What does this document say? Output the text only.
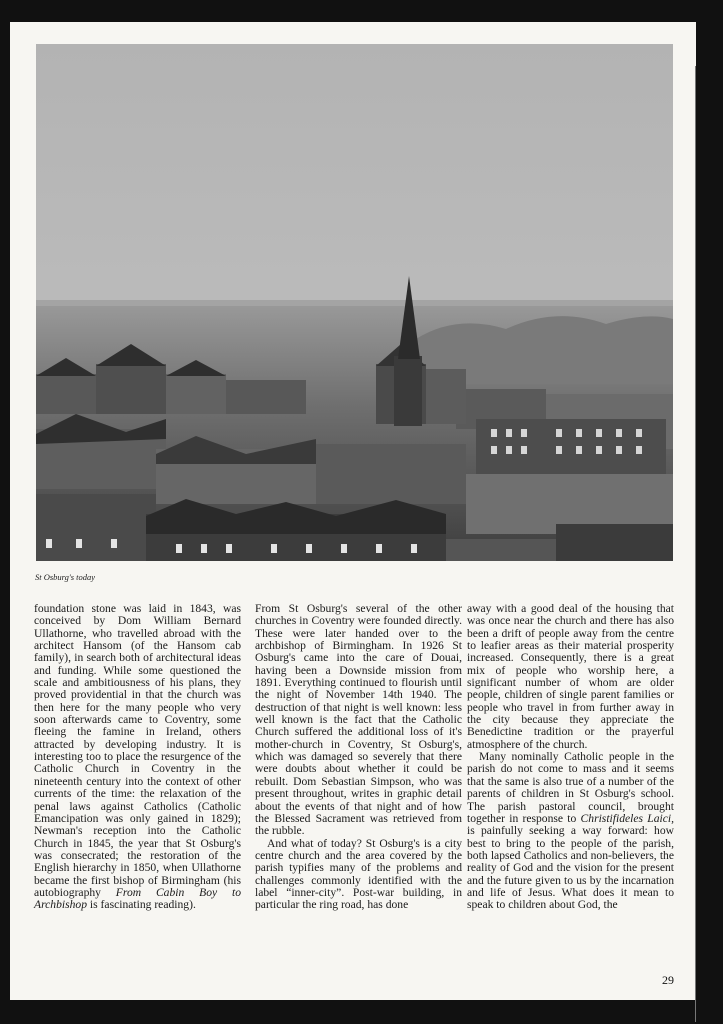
St Osburg's today

foundation stone was laid in 1843, was conceived by Dom William Bernard Ullathorne, who travelled abroad with the architect Hansom (of the Hansom cab family), in search both of architectural ideas and funding. While some questioned the scale and ambitiousness of his plans, they proved providential in that the church was then here for the many people who very soon afterwards came to Coventry, some fleeing the famine in Ireland, others attracted by developing industry. It is interesting too to place the resurgence of the Catholic Church in Coventry in the nineteenth century into the context of other currents of the time: the relaxation of the penal laws against Catholics (Catholic Emancipation was only gained in 1829); Newman's reception into the Catholic Church in 1845, the year that St Osburg's was consecrated; the restoration of the English hierarchy in 1850, when Ullathorne became the first bishop of Birmingham (his autobiography From Cabin Boy to Archbishop is fascinating reading).

From St Osburg's several of the other churches in Coventry were founded directly. These were later handed over to the archbishop of Birmingham. In 1926 St Osburg's came into the care of Douai, having been a Downside mission from 1891. Everything continued to flourish until the night of November 14th 1940. The destruction of that night is well known: less well known is the fact that the Catholic Church suffered the additional loss of it's mother-church in Coventry, St Osburg's, which was damaged so severely that there were doubts about whether it could be rebuilt. Dom Sebastian Simpson, who was present throughout, writes in graphic detail about the events of that night and of how the Blessed Sacrament was retrieved from the rubble.

And what of today? St Osburg's is a city centre church and the area covered by the parish typifies many of the problems and challenges commonly identified with the label “inner-city”. Post-war building, in particular the ring road, has done

away with a good deal of the housing that was once near the church and there has also been a drift of people away from the centre to leafier areas as their material prosperity increased. Consequently, there is a great mix of people who worship here, a significant number of whom are older people, children of single parent families or people who travel in from further away in the city because they appreciate the Benedictine tradition or the prayerful atmosphere of the church.

Many nominally Catholic people in the parish do not come to mass and it seems that the same is also true of a number of the parents of children in St Osburg's school. The parish pastoral council, brought together in response to Christifideles Laici, is painfully seeking a way forward: how best to bring to the people of the parish, both lapsed Catholics and non-believers, the reality of God and the vision for the present and the future given to us by the incarnation and life of Jesus. What does it mean to speak to children about God, the

29
